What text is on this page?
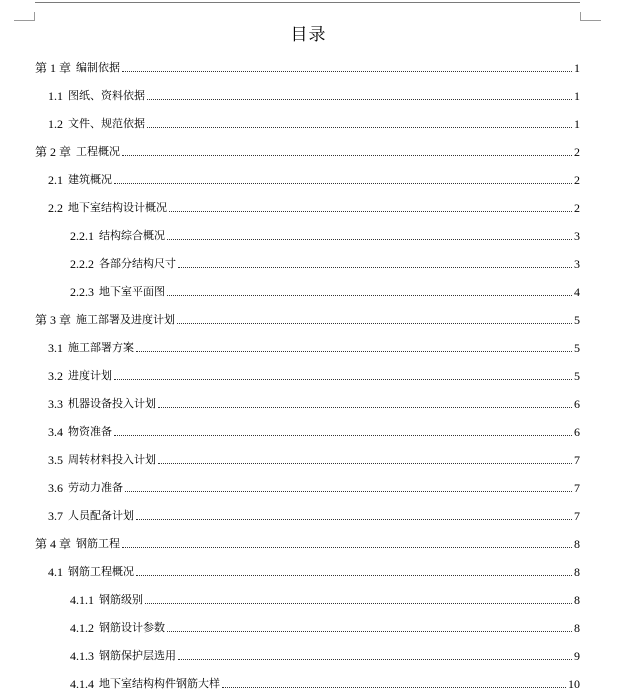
目录
第 1 章 编制依据	1
1.1 图纸、资料依据	1
1.2 文件、规范依据	1
第 2 章 工程概况	2
2.1 建筑概况	2
2.2 地下室结构设计概况	2
2.2.1 结构综合概况	3
2.2.2 各部分结构尺寸	3
2.2.3 地下室平面图	4
第 3 章 施工部署及进度计划	5
3.1 施工部署方案	5
3.2 进度计划	5
3.3 机器设备投入计划	6
3.4 物资准备	6
3.5 周转材料投入计划	7
3.6 劳动力准备	7
3.7 人员配备计划	7
第 4 章 钢筋工程	8
4.1 钢筋工程概况	8
4.1.1 钢筋级别	8
4.1.2 钢筋设计参数	8
4.1.3 钢筋保护层选用	9
4.1.4 地下室结构构件钢筋大样	10
